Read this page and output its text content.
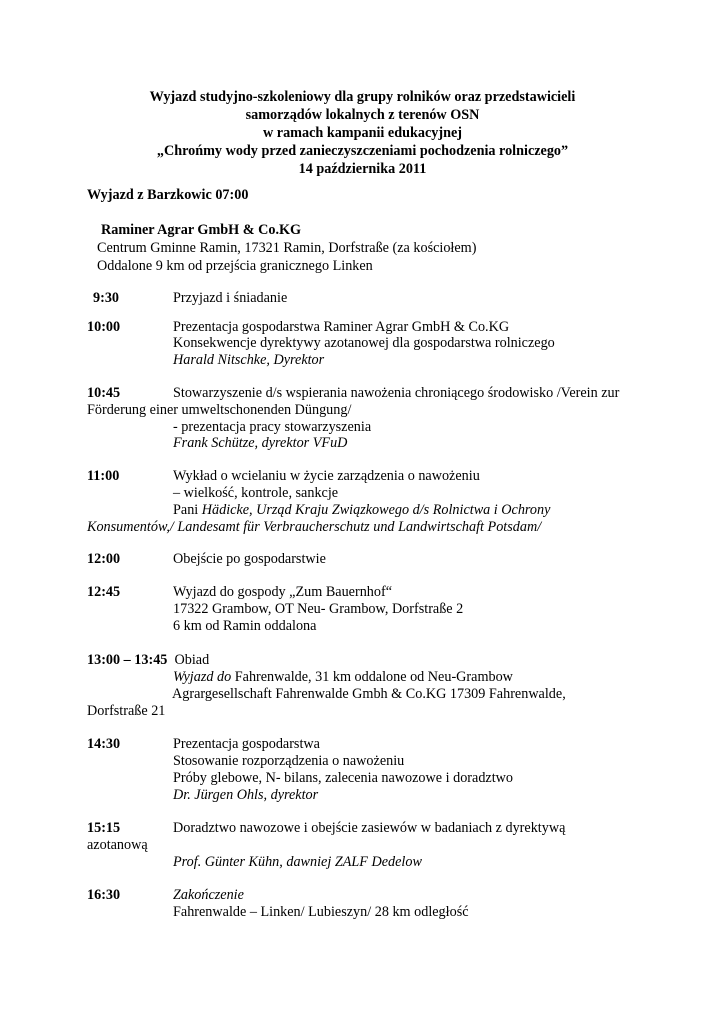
Wyjazd studyjno-szkoleniowy dla grupy rolników oraz przedstawicieli
samorządów lokalnych z terenów OSN
w ramach kampanii edukacyjnej
„Chrońmy wody przed zanieczyszczeniami pochodzenia rolniczego”
14 października 2011
Wyjazd z Barzkowic 07:00
Raminer Agrar GmbH & Co.KG
Centrum Gminne Ramin, 17321 Ramin, Dorfstraße (za kościołem)
Oddalone 9 km od przejścia granicznego Linken
9:30	Przyjazd i śniadanie
10:00	Prezentacja gospodarstwa Raminer Agrar GmbH & Co.KG
Konsekwencje dyrektywy azotanowej dla gospodarstwa rolniczego
Harald Nitschke, Dyrektor
10:45	Stowarzyszenie d/s wspierania nawożenia chroniącego środowisko /Verein zur
Förderung einer umweltschonenden Düngung/
- prezentacja pracy stowarzyszenia
Frank Schütze, dyrektor VFuD
11:00	Wykład o wcielaniu w życie zarządzenia o nawożeniu
– wielkość, kontrole, sankcje
Pani Hädicke, Urząd Kraju Związkowego d/s Rolnictwa i Ochrony
Konsumentów,/ Landesamt für Verbraucherschutz und Landwirtschaft Potsdam/
12:00	Obejście po gospodarstwie
12:45	Wyjazd do gospody „Zum Bauernhof“
17322 Grambow, OT Neu- Grambow, Dorfstraße 2
6 km od Ramin oddalona
13:00 – 13:45 Obiad
Wyjazd do Fahrenwalde, 31 km oddalone od Neu-Grambow
Agrargesellschaft Fahrenwalde Gmbh & Co.KG 17309 Fahrenwalde,
Dorfstraße 21
14:30	Prezentacja gospodarstwa
Stosowanie rozporządzenia o nawożeniu
Próby glebowe, N- bilans, zalecenia nawozowe i doradztwo
Dr. Jürgen Ohls, dyrektor
15:15	Doradztwo nawozowe i obejście zasiewów w badaniach z dyrektywą
azotanową
Prof. Günter Kühn, dawniej ZALF Dedelow
16:30	Zakończenie
Fahrenwalde – Linken/ Lubieszyn/ 28 km odległość
